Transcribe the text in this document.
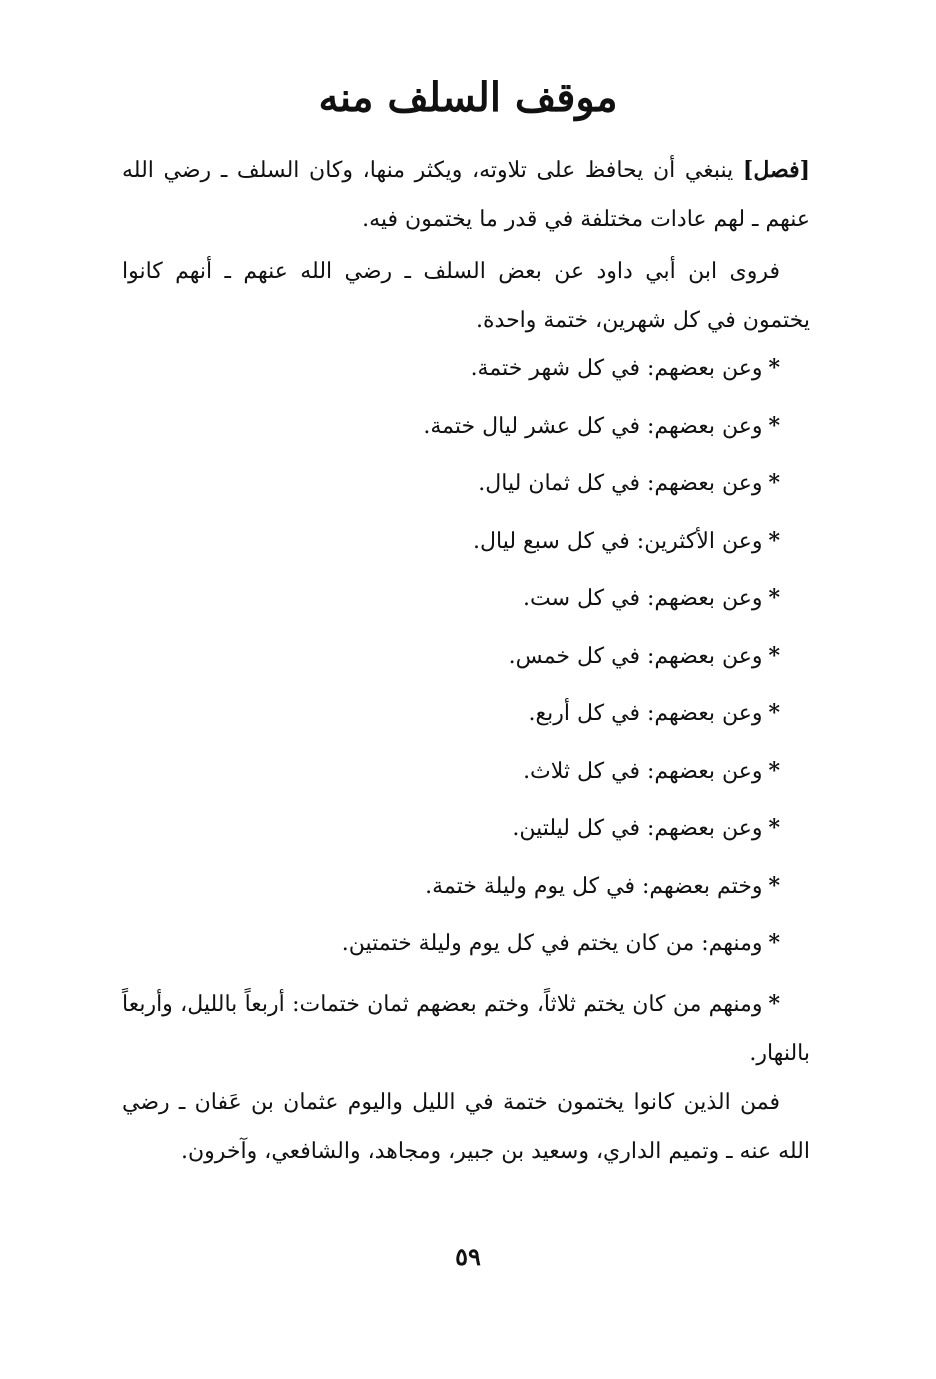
موقف السلف منه

[فصل] ينبغي أن يحافظ على تلاوته، ويكثر منها، وكان السلف ـ رضي الله عنهم ـ لهم عادات مختلفة في قدر ما يختمون فيه.

فروى ابن أبي داود عن بعض السلف ـ رضي الله عنهم ـ أنهم كانوا يختمون في كل شهرين، ختمة واحدة.

*وعن بعضهم: في كل شهر ختمة.
*وعن بعضهم: في كل عشر ليال ختمة.
*وعن بعضهم: في كل ثمان ليال.
*وعن الأكثرين: في كل سبع ليال.
*وعن بعضهم: في كل ست.
*وعن بعضهم: في كل خمس.
*وعن بعضهم: في كل أربع.
*وعن بعضهم: في كل ثلاث.
*وعن بعضهم: في كل ليلتين.
*وختم بعضهم: في كل يوم وليلة ختمة.
*ومنهم: من كان يختم في كل يوم وليلة ختمتين.

*ومنهم من كان يختم ثلاثاً، وختم بعضهم ثمان ختمات: أربعاً بالليل، وأربعاً بالنهار.

فمن الذين كانوا يختمون ختمة في الليل واليوم عثمان بن عَفان ـ رضي الله عنه ـ وتميم الداري، وسعيد بن جبير، ومجاهد، والشافعي، وآخرون.

٥٩
